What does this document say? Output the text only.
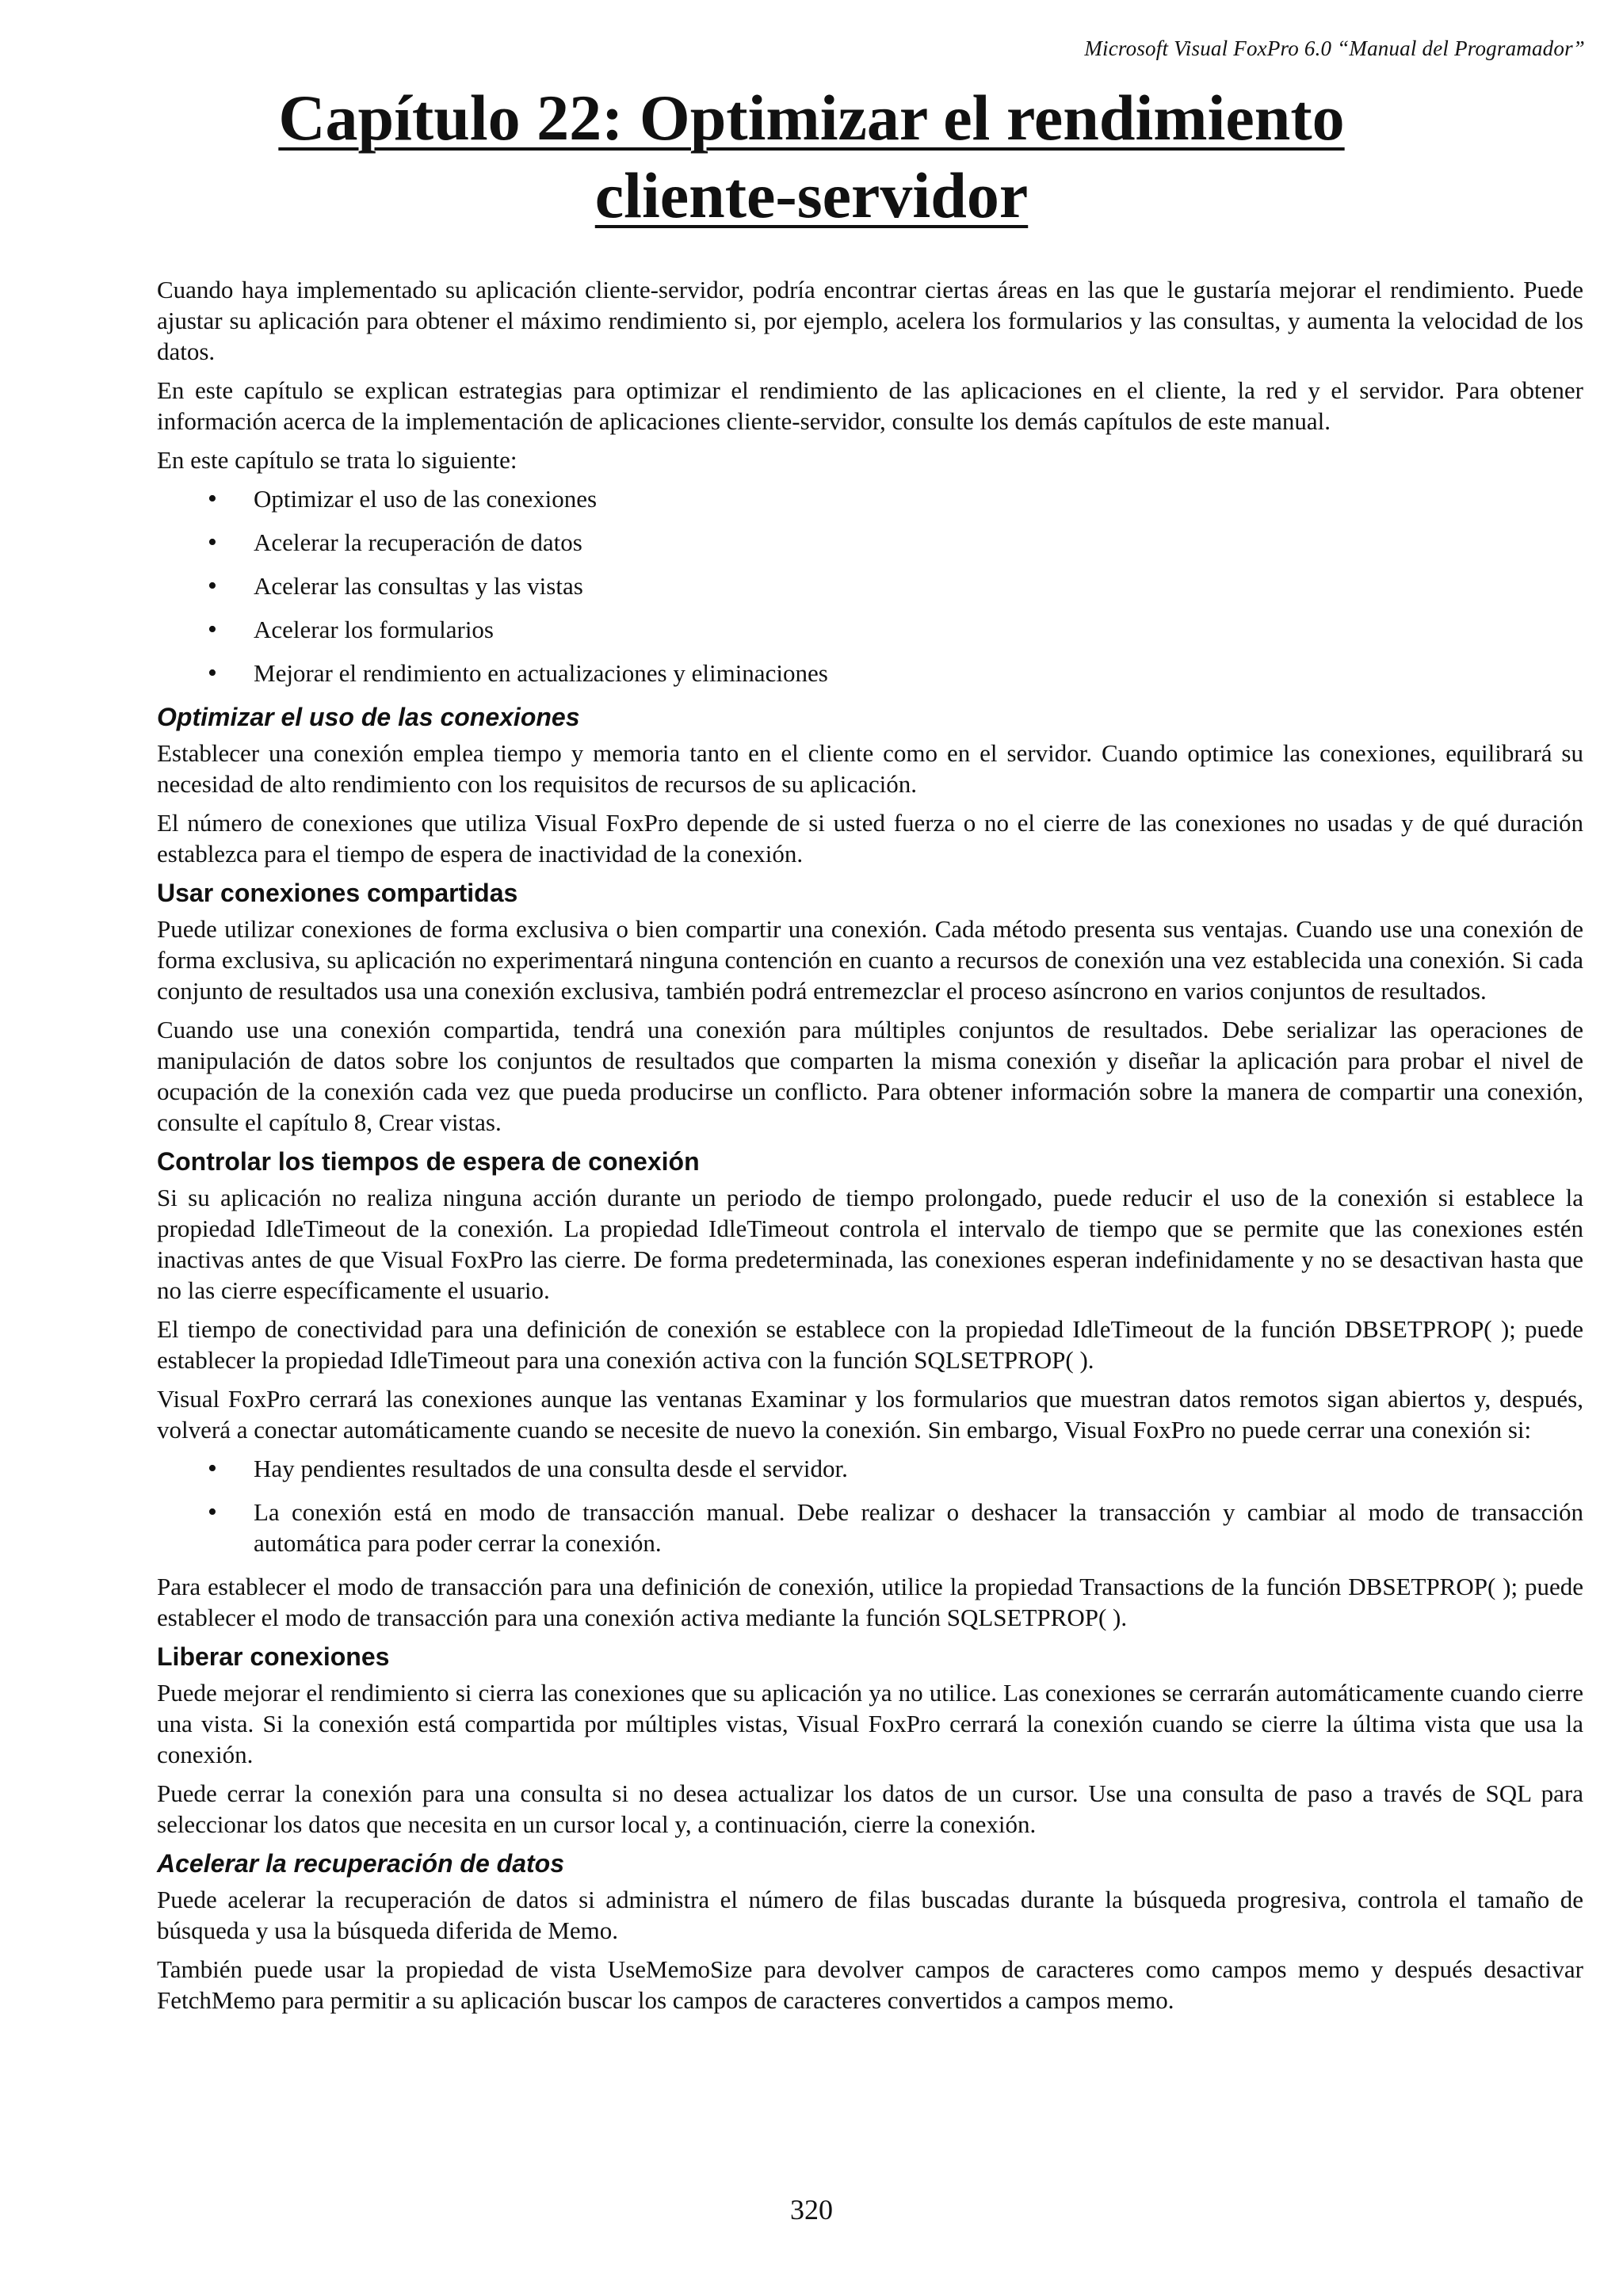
Microsoft Visual FoxPro 6.0 “Manual del Programador”
Capítulo 22: Optimizar el rendimiento
cliente-servidor

Cuando haya implementado su aplicación cliente-servidor, podría encontrar ciertas áreas en las que le gustaría mejorar el rendimiento. Puede ajustar su aplicación para obtener el máximo rendimiento si, por ejemplo, acelera los formularios y las consultas, y aumenta la velocidad de los datos.

En este capítulo se explican estrategias para optimizar el rendimiento de las aplicaciones en el cliente, la red y el servidor. Para obtener información acerca de la implementación de aplicaciones cliente-servidor, consulte los demás capítulos de este manual.

En este capítulo se trata lo siguiente:

• Optimizar el uso de las conexiones
• Acelerar la recuperación de datos
• Acelerar las consultas y las vistas
• Acelerar los formularios
• Mejorar el rendimiento en actualizaciones y eliminaciones
Optimizar el uso de las conexiones

Establecer una conexión emplea tiempo y memoria tanto en el cliente como en el servidor. Cuando optimice las conexiones, equilibrará su necesidad de alto rendimiento con los requisitos de recursos de su aplicación.

El número de conexiones que utiliza Visual FoxPro depende de si usted fuerza o no el cierre de las conexiones no usadas y de qué duración establezca para el tiempo de espera de inactividad de la conexión.

Usar conexiones compartidas

Puede utilizar conexiones de forma exclusiva o bien compartir una conexión. Cada método presenta sus ventajas. Cuando use una conexión de forma exclusiva, su aplicación no experimentará ninguna contención en cuanto a recursos de conexión una vez establecida una conexión. Si cada conjunto de resultados usa una conexión exclusiva, también podrá entremezclar el proceso asíncrono en varios conjuntos de resultados.

Cuando use una conexión compartida, tendrá una conexión para múltiples conjuntos de resultados. Debe serializar las operaciones de manipulación de datos sobre los conjuntos de resultados que comparten la misma conexión y diseñar la aplicación para probar el nivel de ocupación de la conexión cada vez que pueda producirse un conflicto. Para obtener información sobre la manera de compartir una conexión, consulte el capítulo 8, Crear vistas.

Controlar los tiempos de espera de conexión

Si su aplicación no realiza ninguna acción durante un periodo de tiempo prolongado, puede reducir el uso de la conexión si establece la propiedad IdleTimeout de la conexión. La propiedad IdleTimeout controla el intervalo de tiempo que se permite que las conexiones estén inactivas antes de que Visual FoxPro las cierre. De forma predeterminada, las conexiones esperan indefinidamente y no se desactivan hasta que no las cierre específicamente el usuario.

El tiempo de conectividad para una definición de conexión se establece con la propiedad IdleTimeout de la función DBSETPROP( ); puede establecer la propiedad IdleTimeout para una conexión activa con la función SQLSETPROP( ).

Visual FoxPro cerrará las conexiones aunque las ventanas Examinar y los formularios que muestran datos remotos sigan abiertos y, después, volverá a conectar automáticamente cuando se necesite de nuevo la conexión. Sin embargo, Visual FoxPro no puede cerrar una conexión si:

• Hay pendientes resultados de una consulta desde el servidor.
• La conexión está en modo de transacción manual. Debe realizar o deshacer la transacción y cambiar al modo de transacción automática para poder cerrar la conexión.

Para establecer el modo de transacción para una definición de conexión, utilice la propiedad Transactions de la función DBSETPROP( ); puede establecer el modo de transacción para una conexión activa mediante la función SQLSETPROP( ).

Liberar conexiones

Puede mejorar el rendimiento si cierra las conexiones que su aplicación ya no utilice. Las conexiones se cerrarán automáticamente cuando cierre una vista. Si la conexión está compartida por múltiples vistas, Visual FoxPro cerrará la conexión cuando se cierre la última vista que usa la conexión.

Puede cerrar la conexión para una consulta si no desea actualizar los datos de un cursor. Use una consulta de paso a través de SQL para seleccionar los datos que necesita en un cursor local y, a continuación, cierre la conexión.

Acelerar la recuperación de datos

Puede acelerar la recuperación de datos si administra el número de filas buscadas durante la búsqueda progresiva, controla el tamaño de búsqueda y usa la búsqueda diferida de Memo.

También puede usar la propiedad de vista UseMemoSize para devolver campos de caracteres como campos memo y después desactivar FetchMemo para permitir a su aplicación buscar los campos de caracteres convertidos a campos memo.

320
